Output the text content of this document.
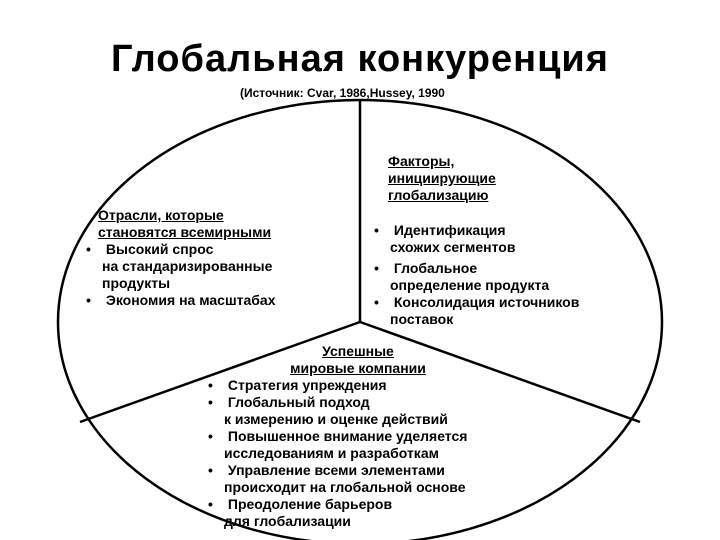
Глобальная конкуренция
(Источник: Cvar, 1986,Hussey, 1990
Отрасли, которые
становятся всемирными
• Высокий спрос
на стандаризированные
продукты
• Экономия на масштабах
Факторы,
инициирующие
глобализацию
• Идентификация
схожих сегментов
• Глобальное
определение продукта
• Консолидация источников
поставок
Успешные
мировые компании
• Стратегия упреждения
• Глобальный подход
к измерению и оценке действий
• Повышенное внимание уделяется
исследованиям и разработкам
• Управление всеми элементами
происходит на глобальной основе
• Преодоление барьеров
для глобализации
